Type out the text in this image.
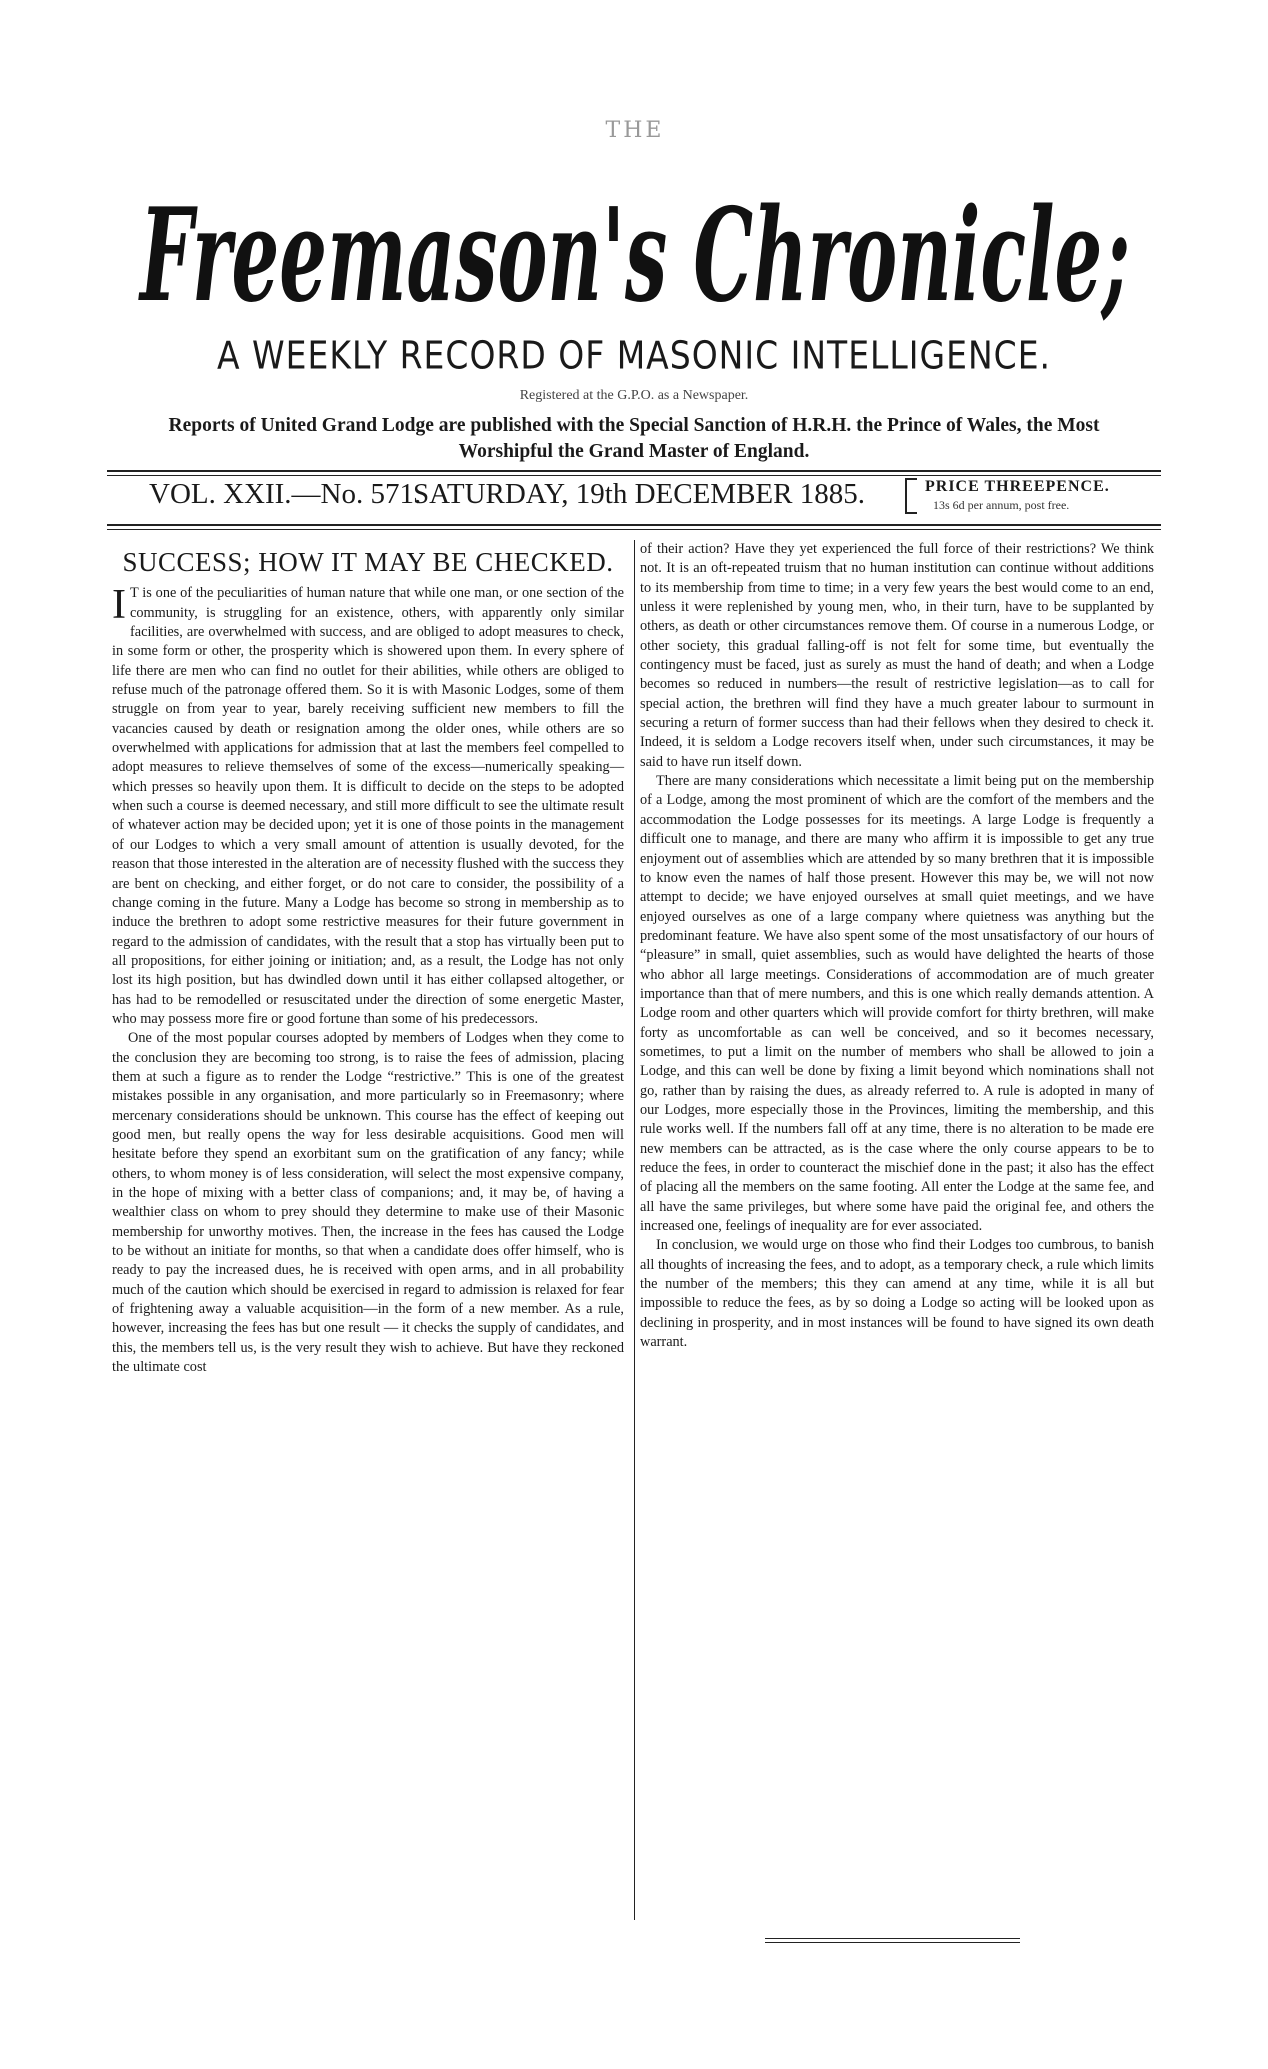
THE
Freemason's Chronicle;
A WEEKLY RECORD OF MASONIC INTELLIGENCE.
Registered at the G.P.O. as a Newspaper.
Reports of United Grand Lodge are published with the Special Sanction of H.R.H. the Prince of Wales, the Most Worshipful the Grand Master of England.
VOL. XXII.—No. 571.
SATURDAY, 19th DECEMBER 1885.	PRICE THREEPENCE.
13s 6d per annum, post free.
SUCCESS; HOW IT MAY BE CHECKED.

I T is one of the peculiarities of human nature that while one man, or one section of the community, is struggling for an existence, others, with apparently only similar facilities, are overwhelmed with success, and are obliged to adopt measures to check, in some form or other, the prosperity which is showered upon them. In every sphere of life there are men who can find no outlet for their abilities, while others are obliged to refuse much of the patronage offered them. So it is with Masonic Lodges, some of them struggle on from year to year, barely receiving sufficient new members to fill the vacancies caused by death or resignation among the older ones, while others are so overwhelmed with applications for admission that at last the members feel compelled to adopt measures to relieve themselves of some of the excess—numerically speaking—which presses so heavily upon them. It is difficult to decide on the steps to be adopted when such a course is deemed necessary, and still more difficult to see the ultimate result of whatever action may be decided upon; yet it is one of those points in the management of our Lodges to which a very small amount of attention is usually devoted, for the reason that those interested in the alteration are of necessity flushed with the success they are bent on checking, and either forget, or do not care to consider, the possibility of a change coming in the future. Many a Lodge has become so strong in membership as to induce the brethren to adopt some restrictive measures for their future government in regard to the admission of candidates, with the result that a stop has virtually been put to all propositions, for either joining or initiation; and, as a result, the Lodge has not only lost its high position, but has dwindled down until it has either collapsed altogether, or has had to be remodelled or resuscitated under the direction of some energetic Master, who may possess more fire or good fortune than some of his predecessors.

One of the most popular courses adopted by members of Lodges when they come to the conclusion they are becoming too strong, is to raise the fees of admission, placing them at such a figure as to render the Lodge “restrictive.” This is one of the greatest mistakes possible in any organisation, and more particularly so in Freemasonry; where mercenary considerations should be unknown. This course has the effect of keeping out good men, but really opens the way for less desirable acquisitions. Good men will hesitate before they spend an exorbitant sum on the gratification of any fancy; while others, to whom money is of less consideration, will select the most expensive company, in the hope of mixing with a better class of companions; and, it may be, of having a wealthier class on whom to prey should they determine to make use of their Masonic membership for unworthy motives. Then, the increase in the fees has caused the Lodge to be without an initiate for months, so that when a candidate does offer himself, who is ready to pay the increased dues, he is received with open arms, and in all probability much of the caution which should be exercised in regard to admission is relaxed for fear of frightening away a valuable acquisition—in the form of a new member. As a rule, however, increasing the fees has but one result — it checks the supply of candidates, and this, the members tell us, is the very result they wish to achieve. But have they reckoned the ultimate cost

of their action? Have they yet experienced the full force of their restrictions? We think not. It is an oft-repeated truism that no human institution can continue without additions to its membership from time to time; in a very few years the best would come to an end, unless it were replenished by young men, who, in their turn, have to be supplanted by others, as death or other circumstances remove them. Of course in a numerous Lodge, or other society, this gradual falling-off is not felt for some time, but eventually the contingency must be faced, just as surely as must the hand of death; and when a Lodge becomes so reduced in numbers—the result of restrictive legislation—as to call for special action, the brethren will find they have a much greater labour to surmount in securing a return of former success than had their fellows when they desired to check it. Indeed, it is seldom a Lodge recovers itself when, under such circumstances, it may be said to have run itself down.

There are many considerations which necessitate a limit being put on the membership of a Lodge, among the most prominent of which are the comfort of the members and the accommodation the Lodge possesses for its meetings. A large Lodge is frequently a difficult one to manage, and there are many who affirm it is impossible to get any true enjoyment out of assemblies which are attended by so many brethren that it is impossible to know even the names of half those present. However this may be, we will not now attempt to decide; we have enjoyed ourselves at small quiet meetings, and we have enjoyed ourselves as one of a large company where quietness was anything but the predominant feature. We have also spent some of the most unsatisfactory of our hours of “pleasure” in small, quiet assemblies, such as would have delighted the hearts of those who abhor all large meetings. Considerations of accommodation are of much greater importance than that of mere numbers, and this is one which really demands attention. A Lodge room and other quarters which will provide comfort for thirty brethren, will make forty as uncomfortable as can well be conceived, and so it becomes necessary, sometimes, to put a limit on the number of members who shall be allowed to join a Lodge, and this can well be done by fixing a limit beyond which nominations shall not go, rather than by raising the dues, as already referred to. A rule is adopted in many of our Lodges, more especially those in the Provinces, limiting the membership, and this rule works well. If the numbers fall off at any time, there is no alteration to be made ere new members can be attracted, as is the case where the only course appears to be to reduce the fees, in order to counteract the mischief done in the past; it also has the effect of placing all the members on the same footing. All enter the Lodge at the same fee, and all have the same privileges, but where some have paid the original fee, and others the increased one, feelings of inequality are for ever associated.

In conclusion, we would urge on those who find their Lodges too cumbrous, to banish all thoughts of increasing the fees, and to adopt, as a temporary check, a rule which limits the number of the members; this they can amend at any time, while it is all but impossible to reduce the fees, as by so doing a Lodge so acting will be looked upon as declining in prosperity, and in most instances will be found to have signed its own death warrant.
